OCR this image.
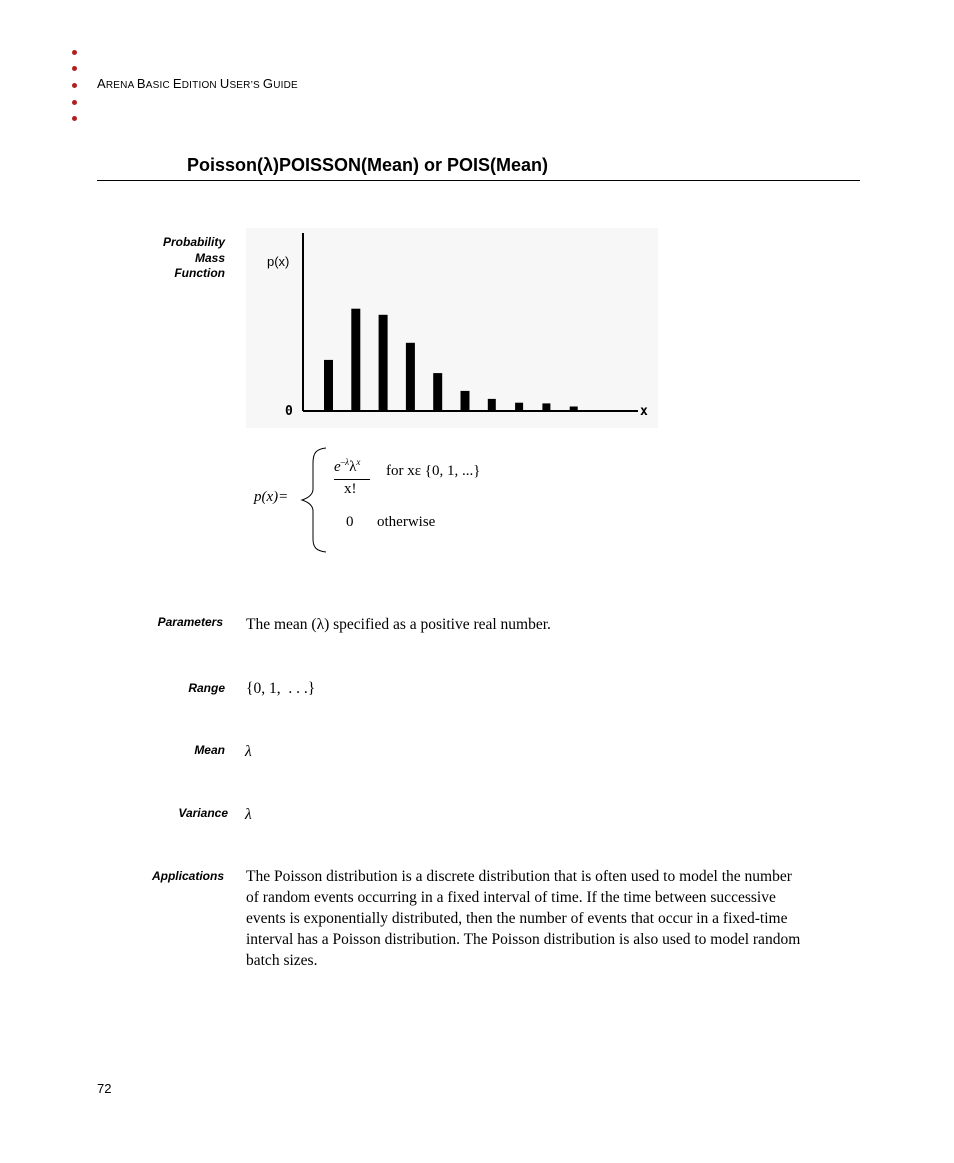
ARENA BASIC EDITION USER’S GUIDE
Poisson(λ)POISSON(Mean) or POIS(Mean)
Probability
Mass
Function
p(x)
0	x
p(x)=
$e^{-\lambda}\lambda^x$
x!
for xε {0, 1, ...}
0 otherwise
Parameters The mean (λ) specified as a positive real number.
Range {0, 1,  . . .}
Mean λ
Variance λ
Applications The Poisson distribution is a discrete distribution that is often used to model the number
of random events occurring in a fixed interval of time. If the time between successive
events is exponentially distributed, then the number of events that occur in a fixed-time
interval has a Poisson distribution. The Poisson distribution is also used to model random
batch sizes.
72
